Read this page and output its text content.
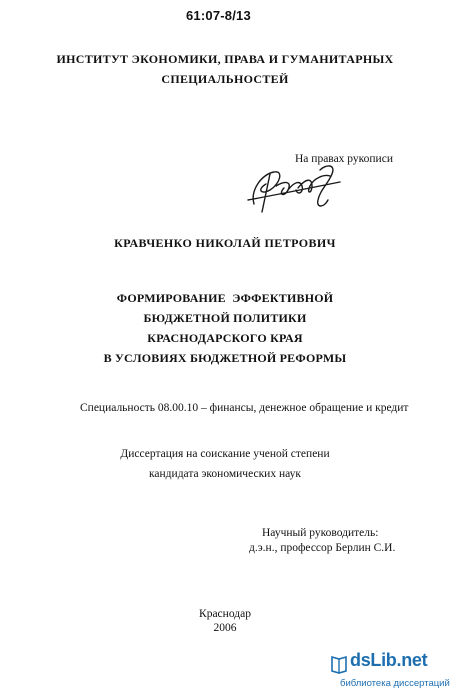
61:07-8/13
ИНСТИТУТ ЭКОНОМИКИ, ПРАВА И ГУМАНИТАРНЫХ
СПЕЦИАЛЬНОСТЕЙ
На правах рукописи
КРАВЧЕНКО НИКОЛАЙ ПЕТРОВИЧ
ФОРМИРОВАНИЕ  ЭФФЕКТИВНОЙ
БЮДЖЕТНОЙ ПОЛИТИКИ
КРАСНОДАРСКОГО КРАЯ
В УСЛОВИЯХ БЮДЖЕТНОЙ РЕФОРМЫ
Специальность 08.00.10 – финансы, денежное обращение и кредит
Диссертация на соискание ученой степени
кандидата экономических наук
Научный руководитель:
д.э.н., профессор Берлин С.И.
Краснодар
2006
dsLib.net
библиотека диссертаций
